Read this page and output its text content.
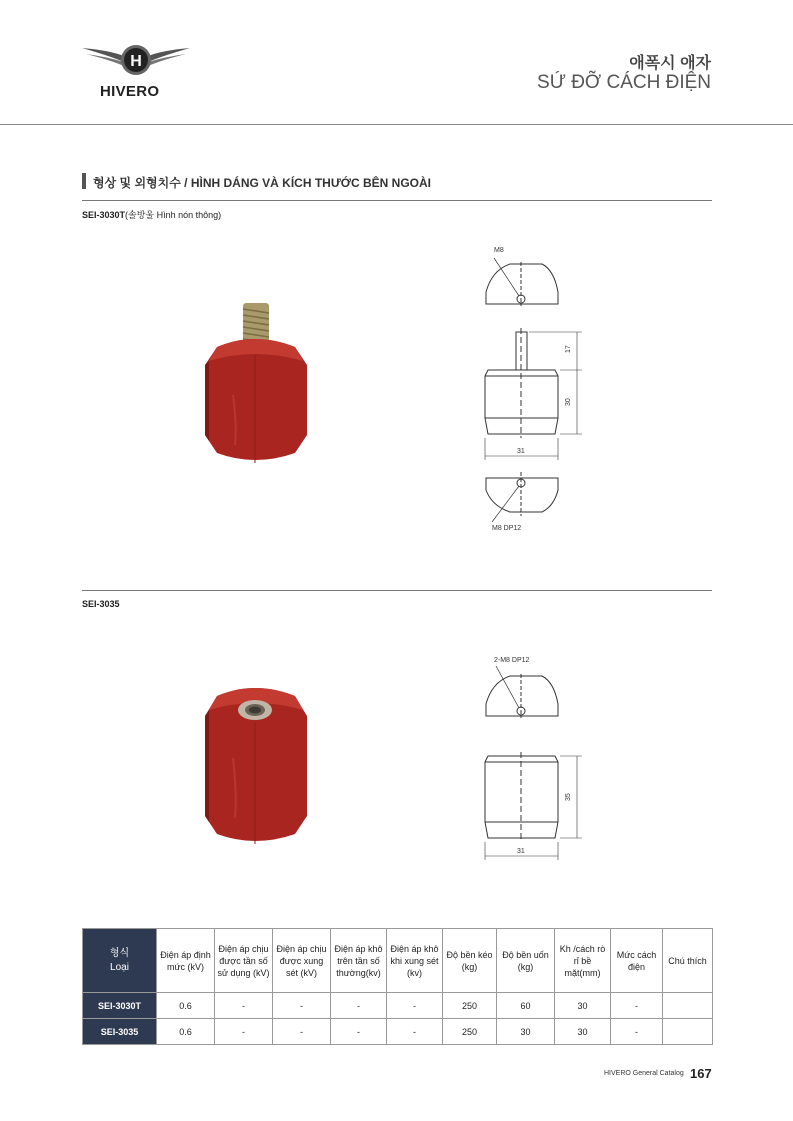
H
HIVERO
애폭시 애자
SỨ ĐỠ CÁCH ĐIỆN
형상 및 외형치수 / HÌNH DÁNG VÀ KÍCH THƯỚC BÊN NGOÀI
SEI-3030T(솔방울 Hình nón thông)
M8
17
30
31
M8 DP12
SEI-3035
2-M8 DP12
35
31
형식
Loại	Điện áp định mức (kV)	Điện áp chịu được tần số sử dụng (kV)	Điện áp chịu được xung sét (kV)	Điện áp khô trên tần số thường(kv)	Điện áp khô khi xung sét (kv)	Độ bền kéo (kg)	Độ bền uốn (kg)	Kh /cách rò rỉ bề mặt(mm)	Mức cách điện	Chú thích
SEI-3030T	0.6	-	-	-	-	250	60	30	-	
SEI-3035	0.6	-	-	-	-	250	30	30	-	
HIVERO General Catalog 167
